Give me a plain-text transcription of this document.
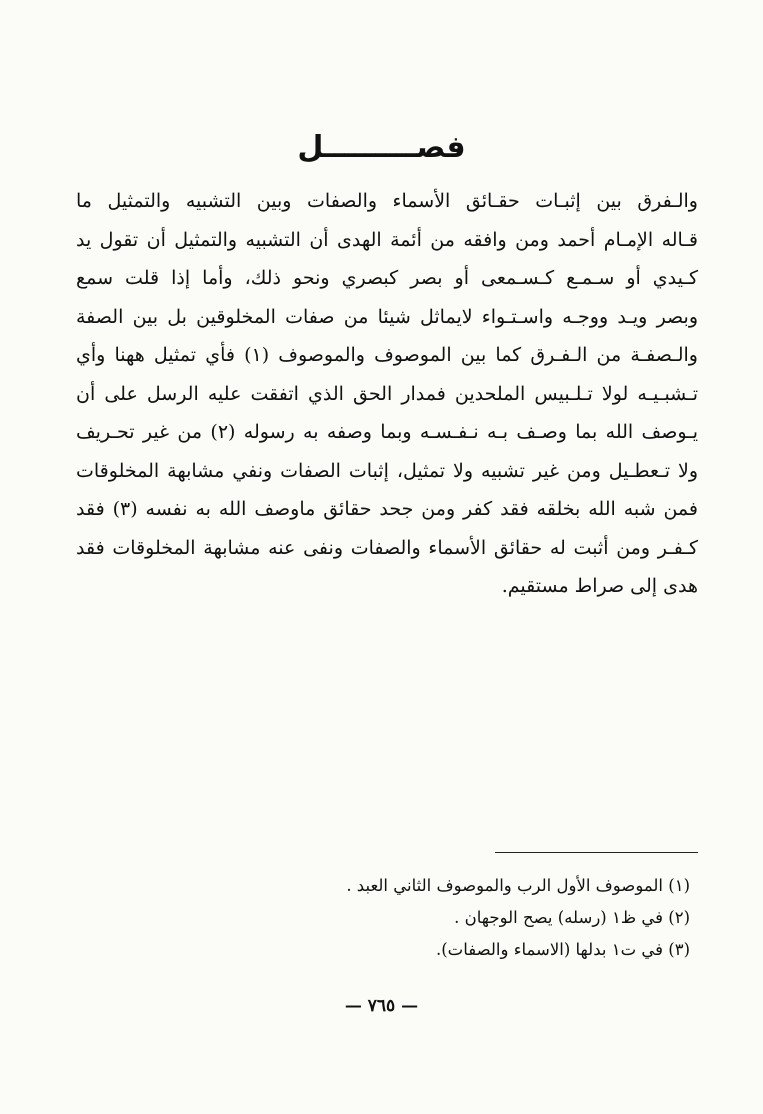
فصـــــــــل
والـفرق بين إثبـات حقـائق الأسماء والصفات وبين التشبيه والتمثيل ما
قـاله الإمـام أحمد ومن وافقه من أئمة الهدى أن التشبيه والتمثيل أن تقول يد
كـيدي أو سـمـع كـسـمعى أو بصر كبصري ونحو ذلك، وأما إذا قلت سمع
وبصر ويـد ووجـه واسـتـواء لايماثل شيئا من صفات المخلوقين بل بين الصفة
والـصفـة من الـفـرق كما بين الموصوف والموصوف (١) فأي تمثيل ههنا وأي
تـشبـيـه لولا تـلـبيس الملحدين فمدار الحق الذي اتفقت عليه الرسل على أن
يـوصف الله بما وصـف بـه نـفـسـه وبما وصفه به رسوله (٢) من غير تحـريف
ولا تـعطـيل ومن غير تشبيه ولا تمثيل، إثبات الصفات ونفي مشابهة المخلوقات
فمن شبه الله بخلقه فقد كفر ومن جحد حقائق ماوصف الله به نفسه (٣) فقد
كـفـر ومن أثبت له حقائق الأسماء والصفات ونفى عنه مشابهة المخلوقات فقد
هدى إلى صراط مستقيم.
(١) الموصوف الأول الرب والموصوف الثاني العبد .
(٢) في ظ١ (رسله) يصح الوجهان .
(٣) في ت١ بدلها (الاسماء والصفات).
— ٧٦٥ —
